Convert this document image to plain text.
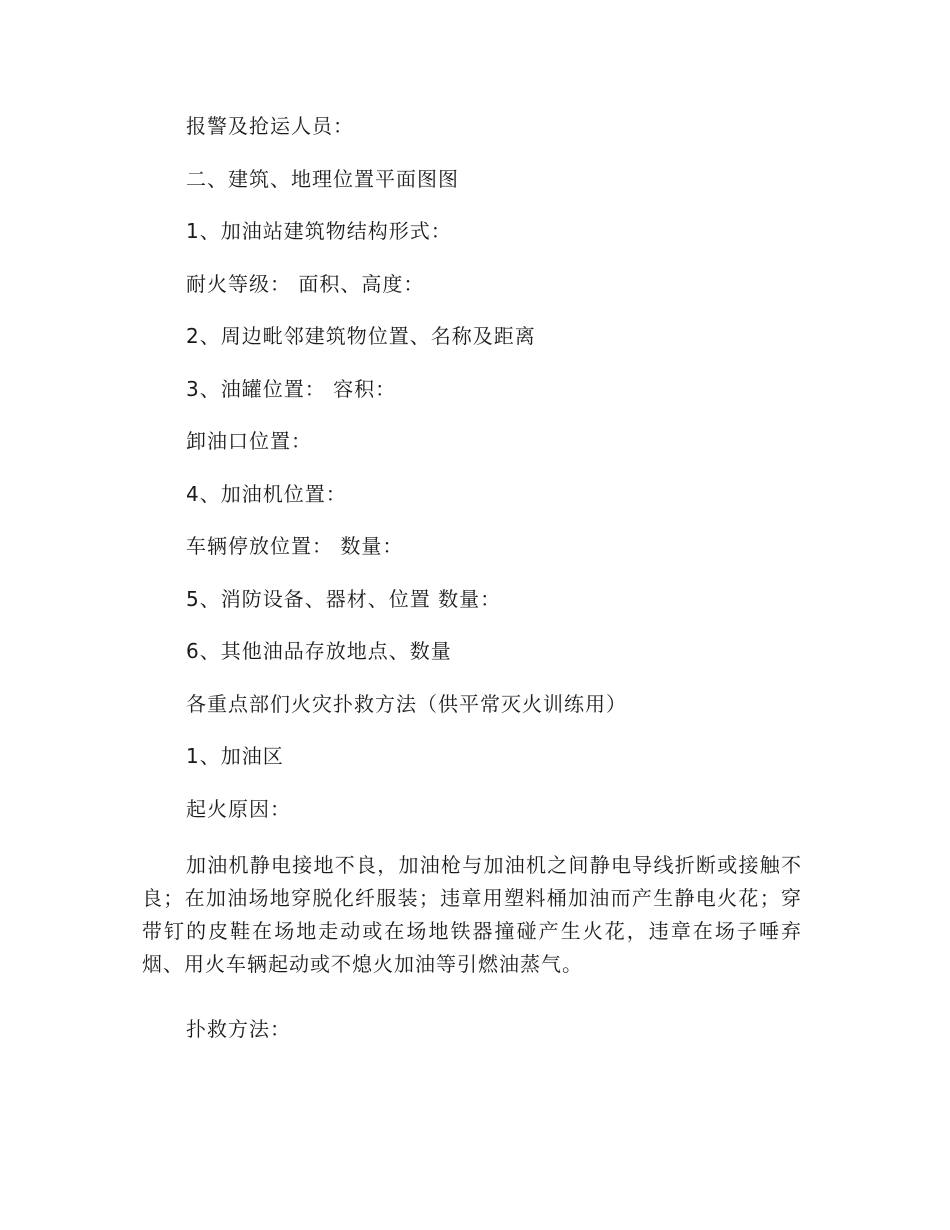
报警及抢运人员：
二、建筑、地理位置平面图图
1、加油站建筑物结构形式：
耐火等级： 面积、高度：
2、周边毗邻建筑物位置、名称及距离
3、油罐位置： 容积：
卸油口位置：
4、加油机位置：
车辆停放位置： 数量：
5、消防设备、器材、位置 数量：
6、其他油品存放地点、数量
各重点部们火灾扑救方法（供平常灭火训练用）
1、加油区
起火原因：
加油机静电接地不良，加油枪与加油机之间静电导线折断或接触不良；在加油场地穿脱化纤服装；违章用塑料桶加油而产生静电火花；穿带钉的皮鞋在场地走动或在场地铁器撞碰产生火花，违章在场子唾弃烟、用火车辆起动或不熄火加油等引燃油蒸气。
扑救方法：
